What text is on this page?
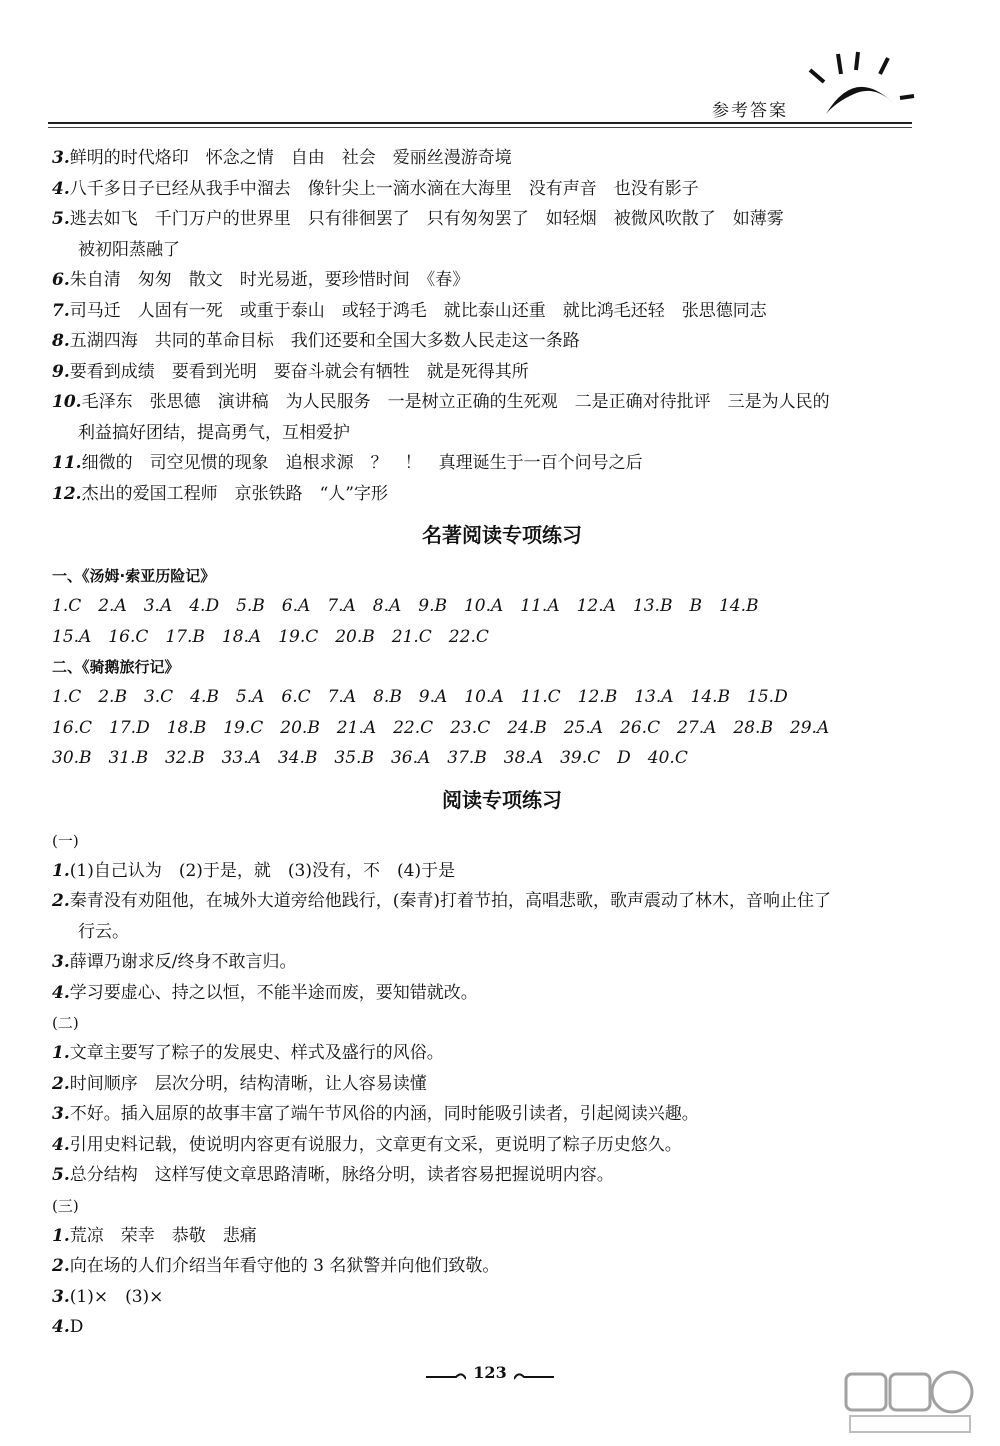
参考答案
3.鲜明的时代烙印　怀念之情　自由　社会　爱丽丝漫游奇境
4.八千多日子已经从我手中溜去　像针尖上一滴水滴在大海里　没有声音　也没有影子
5.逃去如飞　千门万户的世界里　只有徘徊罢了　只有匆匆罢了　如轻烟　被微风吹散了　如薄雾
被初阳蒸融了
6.朱自清　匆匆　散文　时光易逝，要珍惜时间　《春》
7.司马迁　人固有一死　或重于泰山　或轻于鸿毛　就比泰山还重　就比鸿毛还轻　张思德同志
8.五湖四海　共同的革命目标　我们还要和全国大多数人民走这一条路
9.要看到成绩　要看到光明　要奋斗就会有牺牲　就是死得其所
10.毛泽东　张思德　演讲稿　为人民服务　一是树立正确的生死观　二是正确对待批评　三是为人民的
利益搞好团结，提高勇气，互相爱护
11.细微的　司空见惯的现象　追根求源　？　！　真理诞生于一百个问号之后
12.杰出的爱国工程师　京张铁路　“人”字形
名著阅读专项练习
一、《汤姆·索亚历险记》
1.C　2.A　3.A　4.D　5.B　6.A　7.A　8.A　9.B　10.A　11.A　12.A　13.B　B　14.B
15.A　16.C　17.B　18.A　19.C　20.B　21.C　22.C
二、《骑鹅旅行记》
1.C　2.B　3.C　4.B　5.A　6.C　7.A　8.B　9.A　10.A　11.C　12.B　13.A　14.B　15.D
16.C　17.D　18.B　19.C　20.B　21.A　22.C　23.C　24.B　25.A　26.C　27.A　28.B　29.A
30.B　31.B　32.B　33.A　34.B　35.B　36.A　37.B　38.A　39.C　D　40.C
阅读专项练习
(一)
1.(1)自己认为　(2)于是，就　(3)没有，不　(4)于是
2.秦青没有劝阻他，在城外大道旁给他践行，(秦青)打着节拍，高唱悲歌，歌声震动了林木，音响止住了
行云。
3.薛谭乃谢求反/终身不敢言归。
4.学习要虚心、持之以恒，不能半途而废，要知错就改。
(二)
1.文章主要写了粽子的发展史、样式及盛行的风俗。
2.时间顺序　层次分明，结构清晰，让人容易读懂
3.不好。插入屈原的故事丰富了端午节风俗的内涵，同时能吸引读者，引起阅读兴趣。
4.引用史料记载，使说明内容更有说服力，文章更有文采，更说明了粽子历史悠久。
5.总分结构　这样写使文章思路清晰，脉络分明，读者容易把握说明内容。
(三)
1.荒凉　荣幸　恭敬　悲痛
2.向在场的人们介绍当年看守他的 3 名狱警并向他们致敬。
3.(1)×　(3)×
4.D
123
